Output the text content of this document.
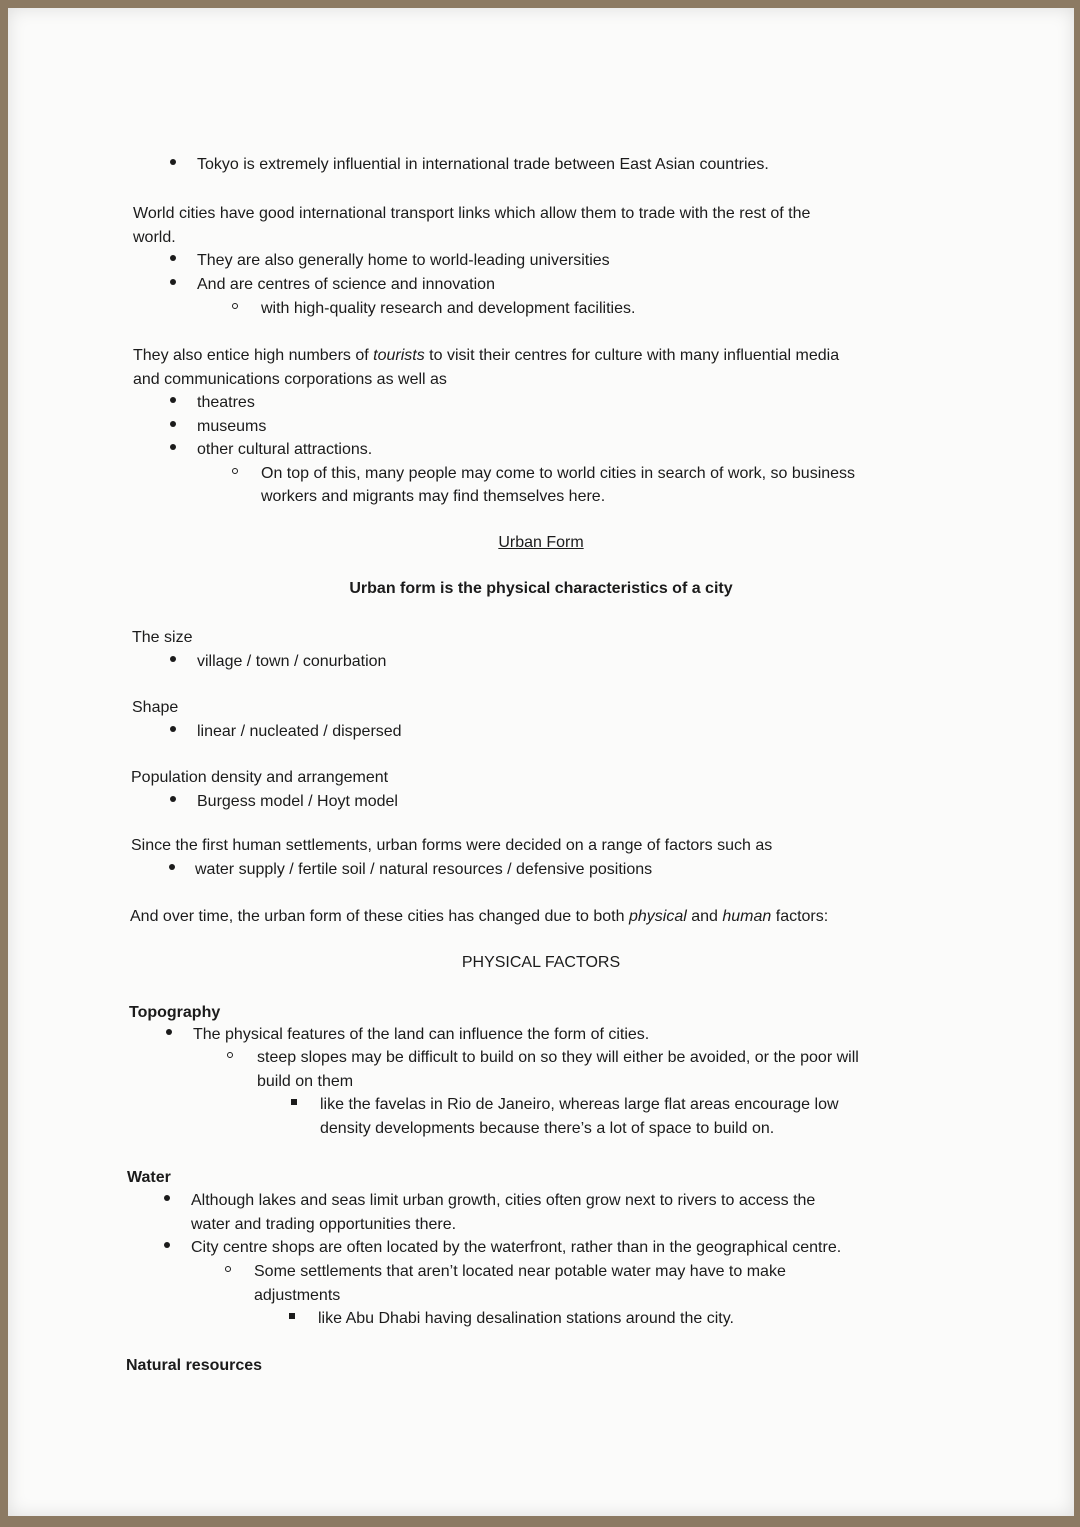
Tokyo is extremely influential in international trade between East Asian countries.
World cities have good international transport links which allow them to trade with the rest of the
world.
They are also generally home to world-leading universities
And are centres of science and innovation
with high-quality research and development facilities.
They also entice high numbers of tourists to visit their centres for culture with many influential media
and communications corporations as well as
theatres
museums
other cultural attractions.
On top of this, many people may come to world cities in search of work, so business
workers and migrants may find themselves here.
Urban Form
Urban form is the physical characteristics of a city
The size
village / town / conurbation
Shape
linear / nucleated / dispersed
Population density and arrangement
Burgess model / Hoyt model
Since the first human settlements, urban forms were decided on a range of factors such as
water supply / fertile soil / natural resources / defensive positions
And over time, the urban form of these cities has changed due to both physical and human factors:
PHYSICAL FACTORS
Topography
The physical features of the land can influence the form of cities.
steep slopes may be difficult to build on so they will either be avoided, or the poor will
build on them
like the favelas in Rio de Janeiro, whereas large flat areas encourage low
density developments because there’s a lot of space to build on.
Water
Although lakes and seas limit urban growth, cities often grow next to rivers to access the
water and trading opportunities there.
City centre shops are often located by the waterfront, rather than in the geographical centre.
Some settlements that aren’t located near potable water may have to make
adjustments
like Abu Dhabi having desalination stations around the city.
Natural resources
